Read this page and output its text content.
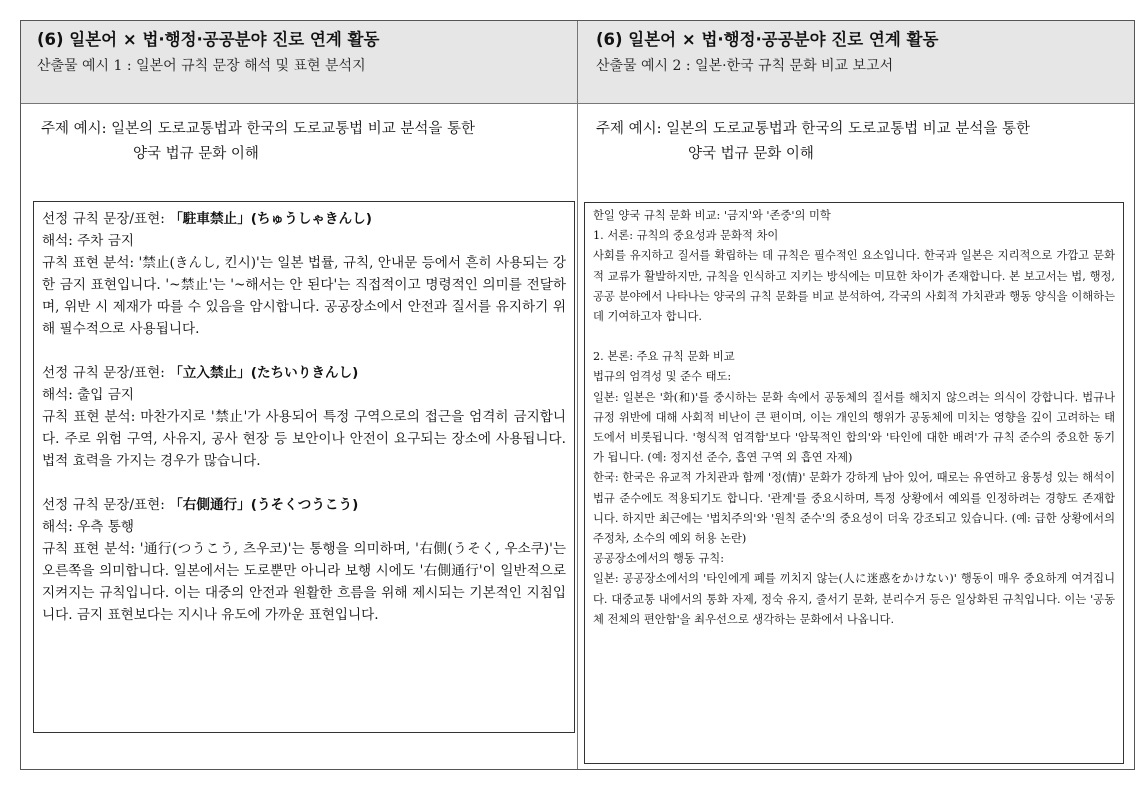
(6) 일본어 × 법·행정·공공분야 진로 연계 활동
산출물 예시 1 : 일본어 규칙 문장 해석 및 표현 분석지
(6) 일본어 × 법·행정·공공분야 진로 연계 활동
산출물 예시 2 : 일본·한국 규칙 문화 비교 보고서
주제 예시: 일본의 도로교통법과 한국의 도로교통법 비교 분석을 통한
양국 법규 문화 이해
주제 예시: 일본의 도로교통법과 한국의 도로교통법 비교 분석을 통한
양국 법규 문화 이해

선정 규칙 문장/표현: 「駐車禁止」(ちゅうしゃきんし)

해석: 주차 금지

규칙 표현 분석: '禁止(きんし, 킨시)'는 일본 법률, 규칙, 안내문 등에서 흔히 사용되는 강한 금지 표현입니다. '~禁止'는 '~해서는 안 된다'는 직접적이고 명령적인 의미를 전달하며, 위반 시 제재가 따를 수 있음을 암시합니다. 공공장소에서 안전과 질서를 유지하기 위해 필수적으로 사용됩니다.

선정 규칙 문장/표현: 「立入禁止」(たちいりきんし)

해석: 출입 금지

규칙 표현 분석: 마찬가지로 '禁止'가 사용되어 특정 구역으로의 접근을 엄격히 금지합니다. 주로 위험 구역, 사유지, 공사 현장 등 보안이나 안전이 요구되는 장소에 사용됩니다. 법적 효력을 가지는 경우가 많습니다.

선정 규칙 문장/표현: 「右側通行」(うそくつうこう)

해석: 우측 통행

규칙 표현 분석: '通行(つうこう, 츠우코)'는 통행을 의미하며, '右側(うそく, 우소쿠)'는 오른쪽을 의미합니다. 일본에서는 도로뿐만 아니라 보행 시에도 '右側通行'이 일반적으로 지켜지는 규칙입니다. 이는 대중의 안전과 원활한 흐름을 위해 제시되는 기본적인 지침입니다. 금지 표현보다는 지시나 유도에 가까운 표현입니다.

한일 양국 규칙 문화 비교: '금지'와 '존중'의 미학

1. 서론: 규칙의 중요성과 문화적 차이

사회를 유지하고 질서를 확립하는 데 규칙은 필수적인 요소입니다. 한국과 일본은 지리적으로 가깝고 문화적 교류가 활발하지만, 규칙을 인식하고 지키는 방식에는 미묘한 차이가 존재합니다. 본 보고서는 법, 행정, 공공 분야에서 나타나는 양국의 규칙 문화를 비교 분석하여, 각국의 사회적 가치관과 행동 양식을 이해하는 데 기여하고자 합니다.

2. 본론: 주요 규칙 문화 비교

법규의 엄격성 및 준수 태도:

일본: 일본은 '화(和)'를 중시하는 문화 속에서 공동체의 질서를 해치지 않으려는 의식이 강합니다. 법규나 규정 위반에 대해 사회적 비난이 큰 편이며, 이는 개인의 행위가 공동체에 미치는 영향을 깊이 고려하는 태도에서 비롯됩니다. '형식적 엄격함'보다 '암묵적인 합의'와 '타인에 대한 배려'가 규칙 준수의 중요한 동기가 됩니다. (예: 정지선 준수, 흡연 구역 외 흡연 자제)

한국: 한국은 유교적 가치관과 함께 '정(情)' 문화가 강하게 남아 있어, 때로는 유연하고 융통성 있는 해석이 법규 준수에도 적용되기도 합니다. '관계'를 중요시하며, 특정 상황에서 예외를 인정하려는 경향도 존재합니다. 하지만 최근에는 '법치주의'와 '원칙 준수'의 중요성이 더욱 강조되고 있습니다. (예: 급한 상황에서의 주정차, 소수의 예외 허용 논란)

공공장소에서의 행동 규칙:

일본: 공공장소에서의 '타인에게 폐를 끼치지 않는(人に迷惑をかけない)' 행동이 매우 중요하게 여겨집니다. 대중교통 내에서의 통화 자제, 정숙 유지, 줄서기 문화, 분리수거 등은 일상화된 규칙입니다. 이는 '공동체 전체의 편안함'을 최우선으로 생각하는 문화에서 나옵니다.
